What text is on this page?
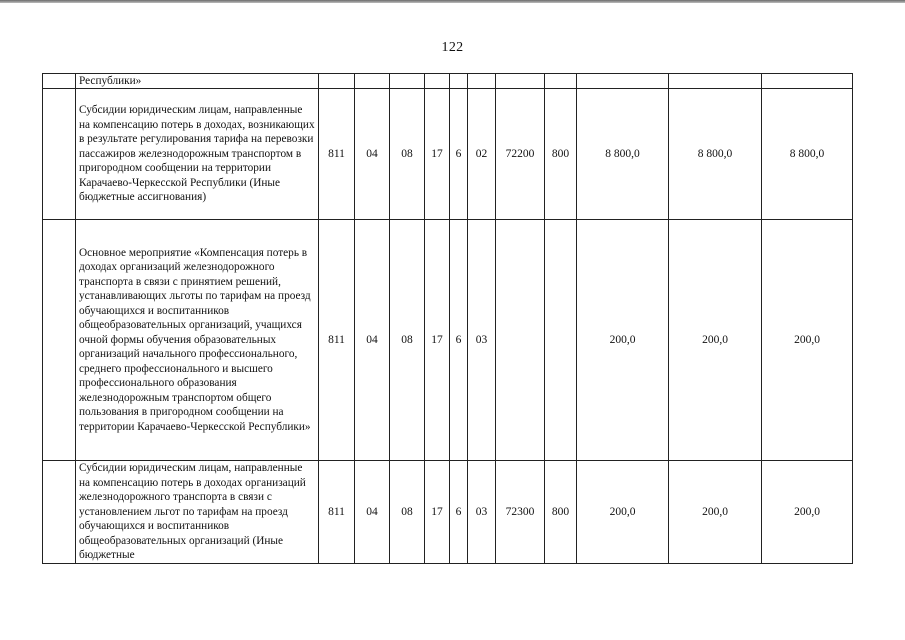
122
	Республики»											
	Субсидии юридическим лицам, направленные на компенсацию потерь в доходах, возникающих в результате регулирования тарифа на перевозки пассажиров железнодорожным транспортом в пригородном сообщении на территории Карачаево-Черкесской Республики (Иные бюджетные ассигнования)	811	04	08	17	6	02	72200	800	8 800,0	8 800,0	8 800,0
	Основное мероприятие «Компенсация потерь в доходах организаций железнодорожного транспорта в связи с принятием решений, устанавливающих льготы по тарифам на проезд обучающихся и воспитанников общеобразовательных организаций, учащихся очной формы обучения образовательных организаций начального профессионального, среднего профессионального и высшего профессионального образования железнодорожным транспортом общего пользования в пригородном сообщении на территории Карачаево-Черкесской Республики»	811	04	08	17	6	03			200,0	200,0	200,0
	Субсидии юридическим лицам, направленные на компенсацию потерь в доходах организаций железнодорожного транспорта в связи с установлением льгот по тарифам на проезд обучающихся и воспитанников общеобразовательных организаций (Иные бюджетные	811	04	08	17	6	03	72300	800	200,0	200,0	200,0
